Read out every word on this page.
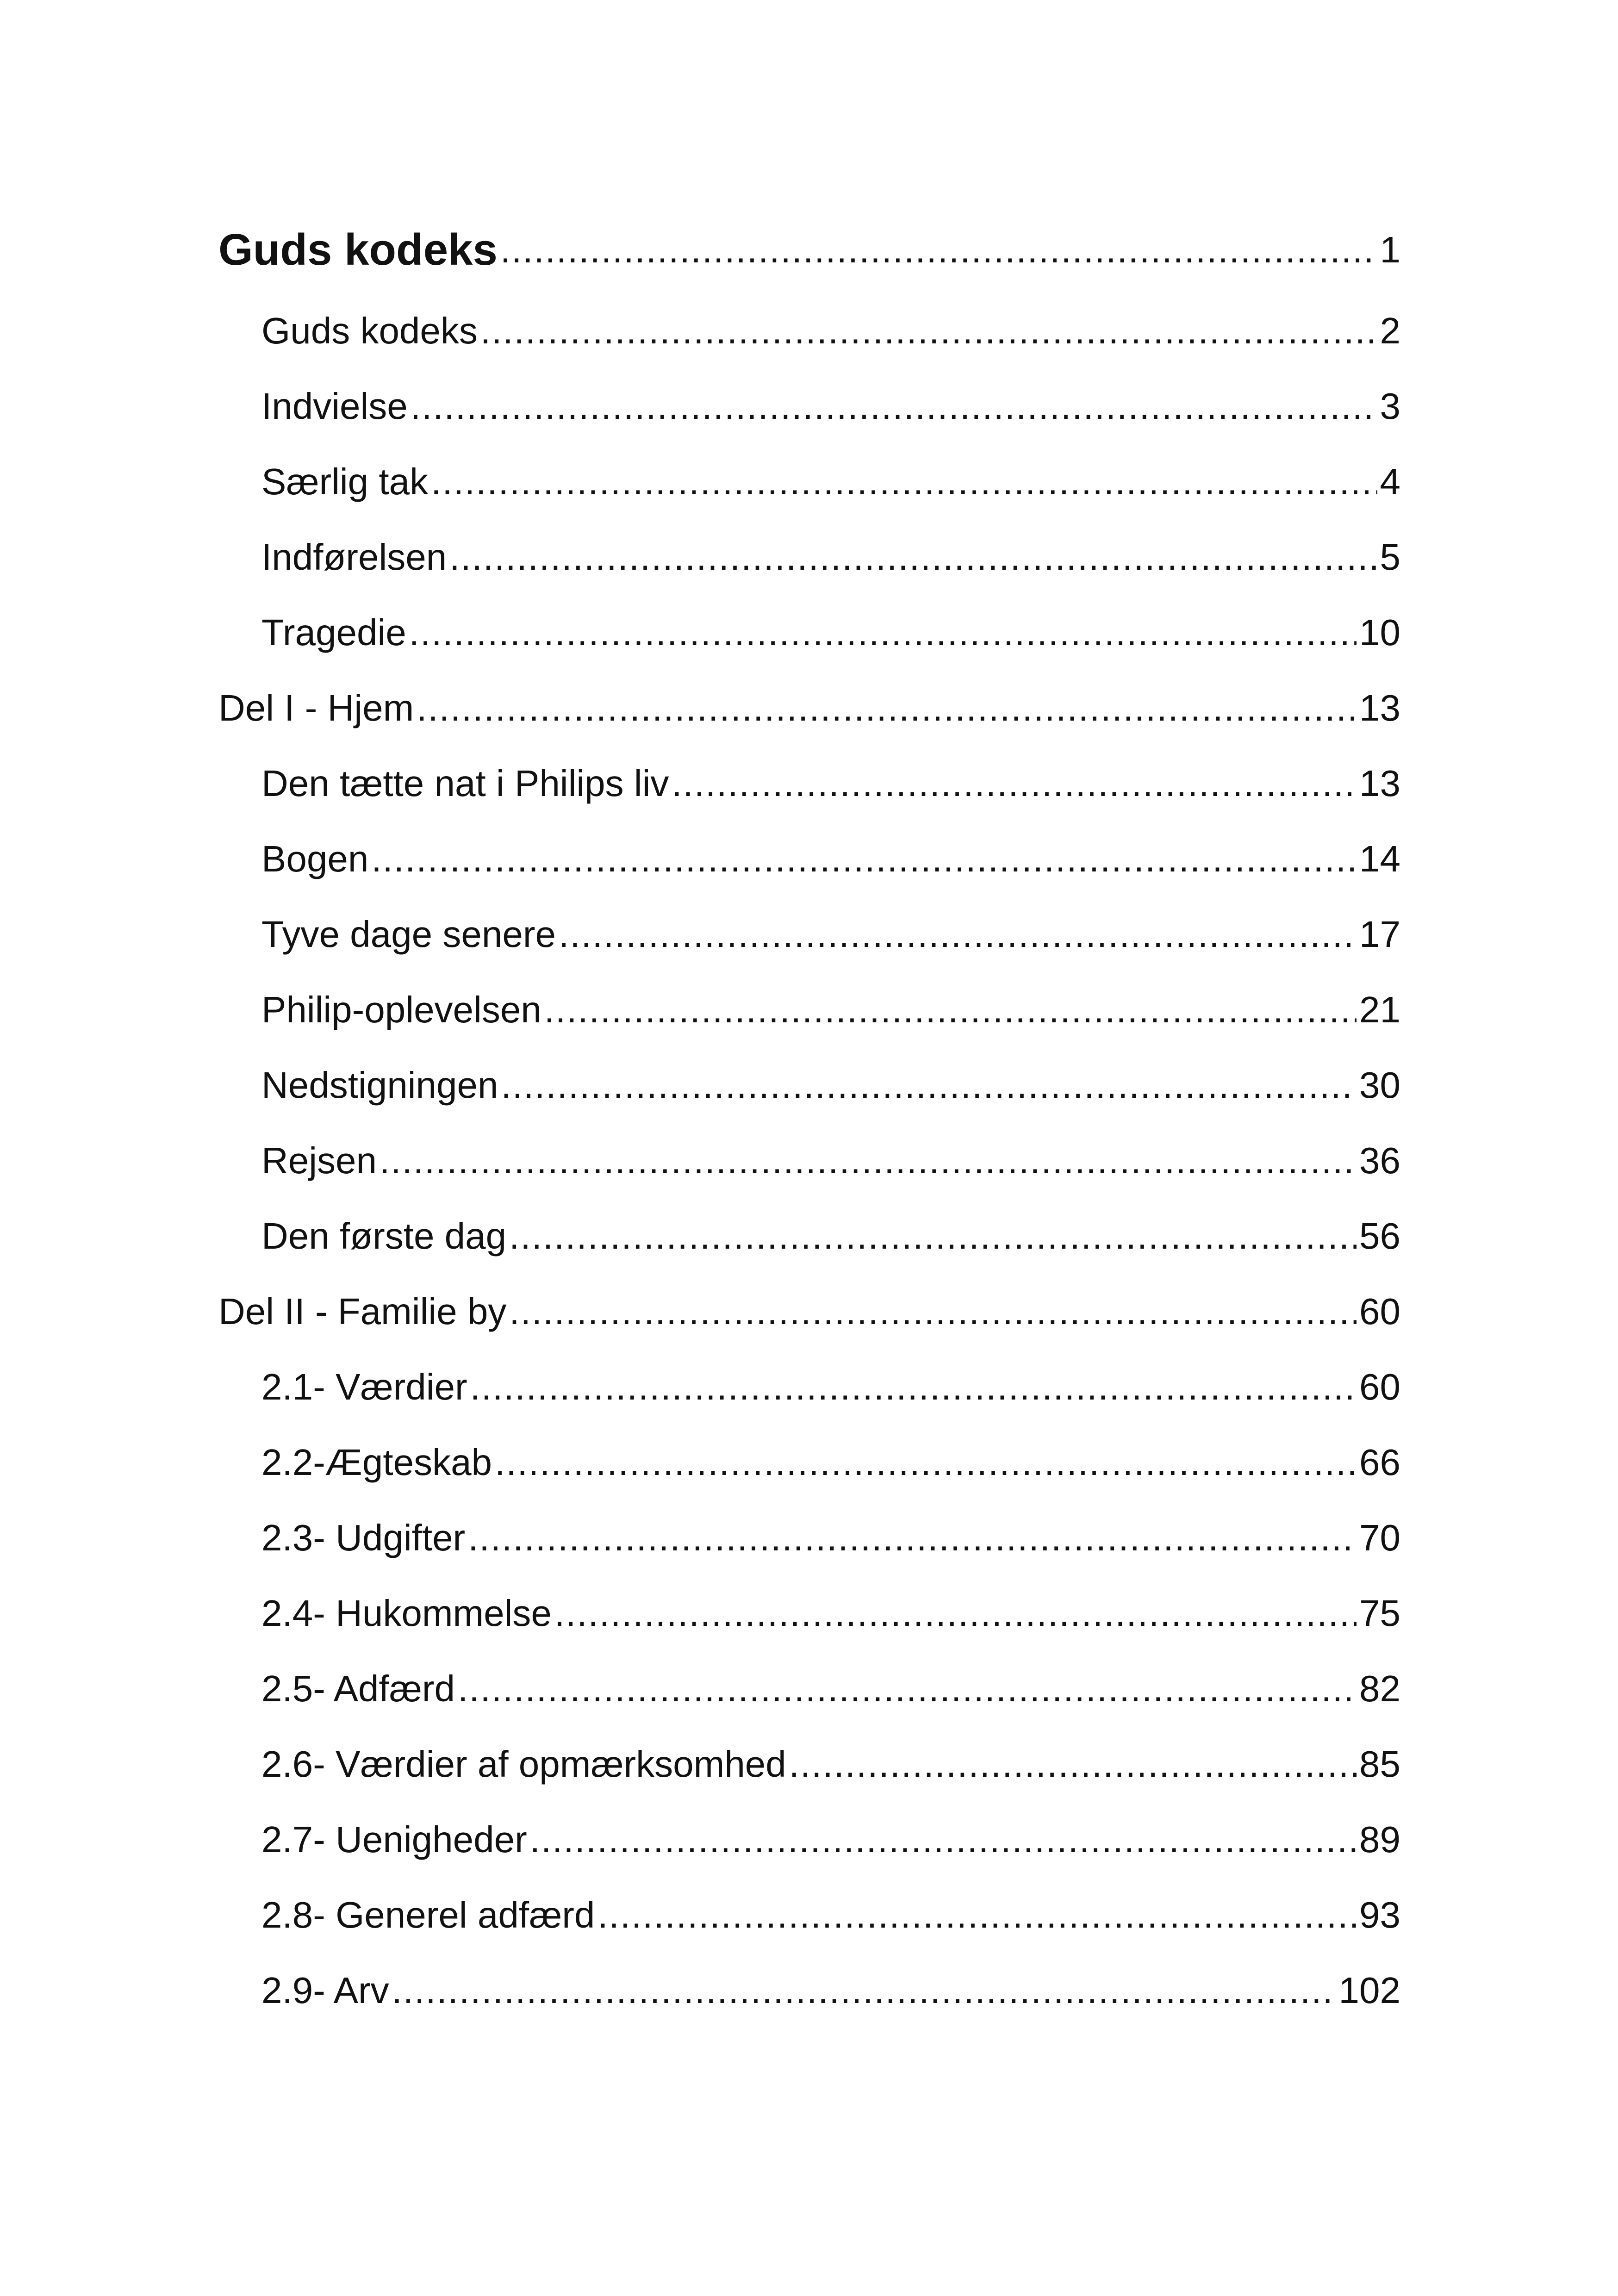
Guds kodeks .....	1
Guds kodeks .....	2
Indvielse .....	3
Særlig tak .....	4
Indførelsen .....	5
Tragedie .....	10
Del I - Hjem .....	13
Den tætte nat i Philips liv .....	13
Bogen .....	14
Tyve dage senere .....	17
Philip-oplevelsen .....	21
Nedstigningen .....	30
Rejsen .....	36
Den første dag .....	56
Del II - Familie by .....	60
2.1- Værdier .....	60
2.2-Ægteskab .....	66
2.3- Udgifter .....	70
2.4- Hukommelse .....	75
2.5- Adfærd .....	82
2.6- Værdier af opmærksomhed .....	85
2.7- Uenigheder .....	89
2.8- Generel adfærd .....	93
2.9- Arv .....	102
